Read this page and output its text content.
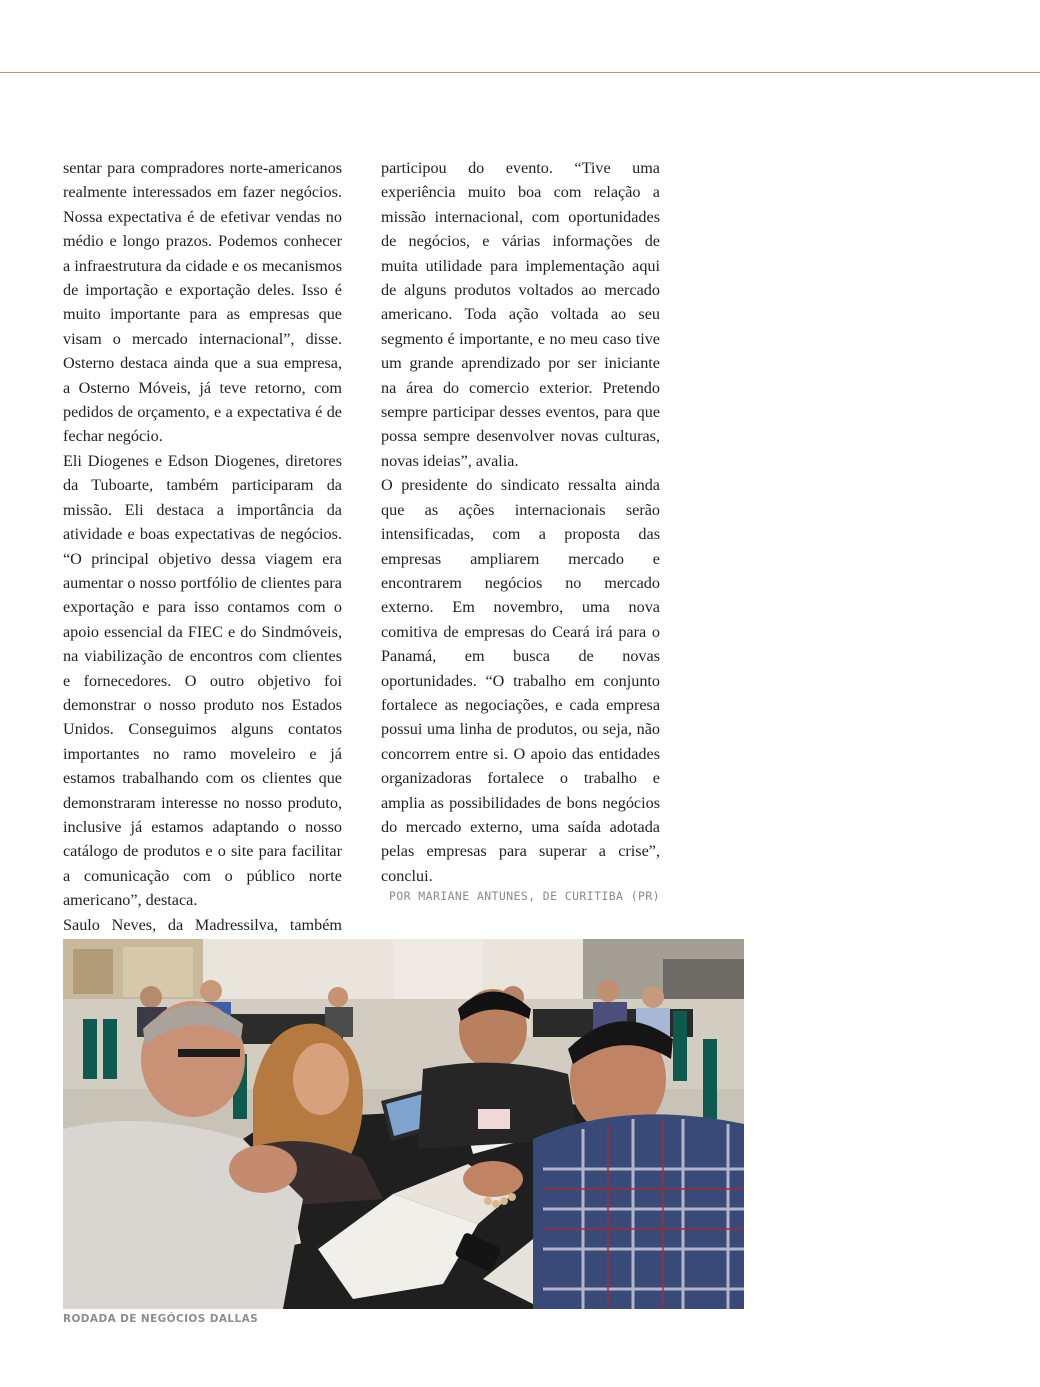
sentar para compradores norte-americanos realmente interessados em fazer negócios. Nossa expectativa é de efetivar vendas no médio e longo prazos. Podemos conhecer a infraestrutura da cidade e os mecanismos de importação e exportação deles. Isso é muito importante para as empresas que visam o mercado internacional”, disse. Osterno destaca ainda que a sua empresa, a Osterno Móveis, já teve retorno, com pedidos de orçamento, e a expectativa é de fechar negócio.

Eli Diogenes e Edson Diogenes, diretores da Tuboarte, também participaram da missão. Eli destaca a importância da atividade e boas expectativas de negócios. “O principal objetivo dessa viagem era aumentar o nosso portfólio de clientes para exportação e para isso contamos com o apoio essencial da FIEC e do Sindmóveis, na viabilização de encontros com clientes e fornecedores. O outro objetivo foi demonstrar o nosso produto nos Estados Unidos. Conseguimos alguns contatos importantes no ramo moveleiro e já estamos trabalhando com os clientes que demonstraram interesse no nosso produto, inclusive já estamos adaptando o nosso catálogo de produtos e o site para facilitar a comunicação com o público norte americano”, destaca.

Saulo Neves, da Madressilva, também

participou do evento. “Tive uma experiência muito boa com relação a missão internacional, com oportunidades de negócios, e várias informações de muita utilidade para implementação aqui de alguns produtos voltados ao mercado americano. Toda ação voltada ao seu segmento é importante, e no meu caso tive um grande aprendizado por ser iniciante na área do comercio exterior. Pretendo sempre participar desses eventos, para que possa sempre desenvolver novas culturas, novas ideias”, avalia.

O presidente do sindicato ressalta ainda que as ações internacionais serão intensificadas, com a proposta das empresas ampliarem mercado e encontrarem negócios no mercado externo. Em novembro, uma nova comitiva de empresas do Ceará irá para o Panamá, em busca de novas oportunidades. “O trabalho em conjunto fortalece as negociações, e cada empresa possui uma linha de produtos, ou seja, não concorrem entre si. O apoio das entidades organizadoras fortalece o trabalho e amplia as possibilidades de bons negócios do mercado externo, uma saída adotada pelas empresas para superar a crise”, conclui.

POR MARIANE ANTUNES, DE CURITIBA (PR)
RODADA DE NEGÓCIOS DALLAS
